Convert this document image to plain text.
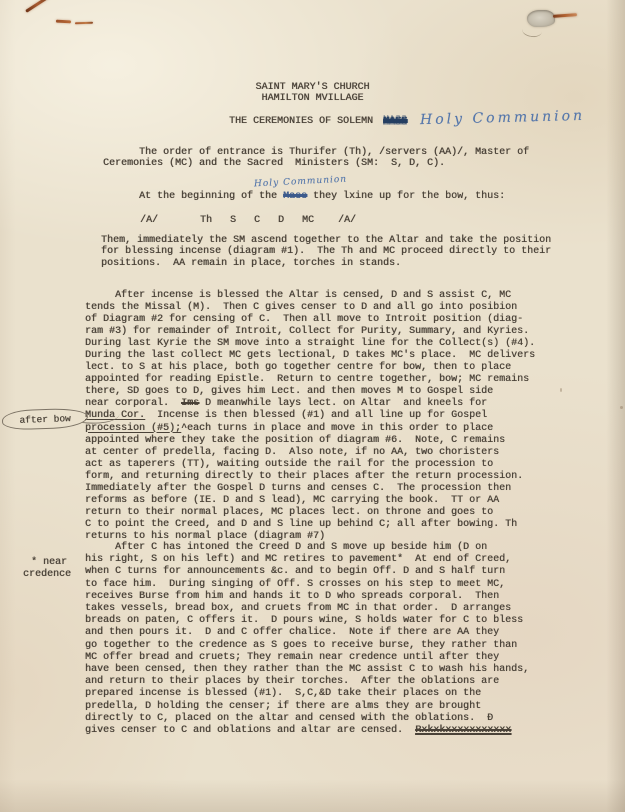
SAINT MARY'S CHURCH
HAMILTON MVILLAGE
THE CEREMONIES OF SOLEMN MASS Holy Communion
The order of entrance is Thurifer (Th), /servers (AA)/, Master of
Ceremonies (MC) and the Sacred  Ministers (SM:  S, D, C).
Holy Communion
At the beginning of the Mass they lxine up for the bow, thus:
/A/       Th   S   C   D   MC    /A/
Them, immediately the SM ascend together to the Altar and take the position
for blessing incense (diagram #1).  The Th and MC proceed directly to their
positions.  AA remain in place, torches in stands.
After incense is blessed the Altar is censed, D and S assist C, MC
tends the Missal (M).  Then C gives censer to D and all go into posibion
of Diagram #2 for censing of C.  Then all move to Introit position (diag-
ram #3) for remainder of Introit, Collect for Purity, Summary, and Kyries.
During last Kyrie the SM move into a straight line for the Collect(s) (#4).
During the last collect MC gets lectional, D takes MC's place.  MC delivers
lect. to S at his place, both go together centre for bow, then to place
appointed for reading Epistle.  Return to centre together, bow; MC remains
there, SD goes to D, gives him Lect. and then moves M to Gospel side
near corporal.  Ims D meanwhile lays lect. on Altar  and kneels for
Munda Cor.  Incense is then blessed (#1) and all line up for Gospel
procession (#5);^each turns in place and move in this order to place
appointed where they take the position of diagram #6.  Note, C remains
at center of predella, facing D.  Also note, if no AA, two choristers
act as taperers (TT), waiting outside the rail for the procession to
form, and returning directly to their places after the return procession.
Immediately after the Gospel D turns and censes C.  The procession then
reforms as before (IE. D and S lead), MC carrying the book.  TT or AA
return to their normal places, MC places lect. on throne and goes to
C to point the Creed, and D and S line up behind C; all after bowing. Th
returns to his normal place (diagram #7)
After C has intoned the Creed D and S move up beside him (D on
his right, S on his left) and MC retires to pavement*  At end of Creed,
when C turns for announcements &c. and to begin Off. D and S half turn
to face him.  During singing of Off. S crosses on his step to meet MC,
receives Burse from him and hands it to D who spreads corporal.  Then
takes vessels, bread box, and cruets from MC in that order.  D arranges
breads on paten, C offers it.  D pours wine, S holds water for C to bless
and then pours it.  D and C offer chalice.  Note if there are AA they
go together to the credence as S goes to receive burse, they rather than
MC offer bread and cruets; They remain near credence until after they
have been censed, then they rather than the MC assist C to wash his hands,
and return to their places by their torches.  After the oblations are
prepared incense is blessed (#1).  S,C,&D take their places on the
predella, D holding the censer; if there are alms they are brought
directly to C, placed on the altar and censed with the oblations.  Ð
gives censer to C and oblations and altar are censed.  Rxkxkxxxxxxxxxxx
after bow
* near
credence
